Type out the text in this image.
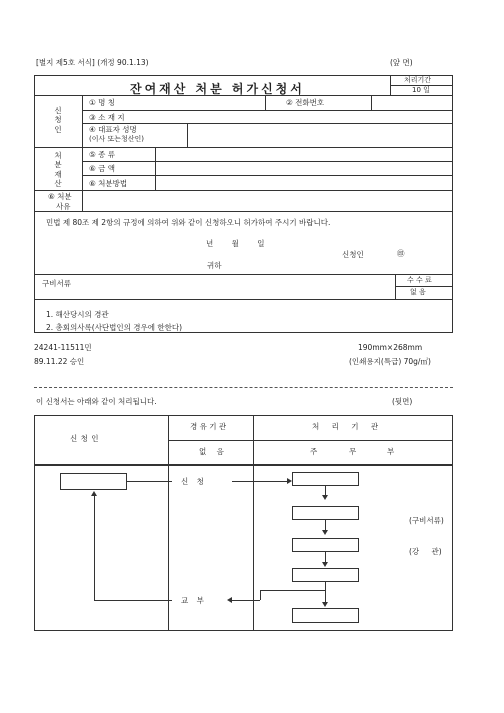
[별지 제5호 서식] (개정 90.1.13)	(앞 면)
잔여재산 처분 허가신청서
처리기간
10 일
신
청
인
① 명 칭	② 전화번호
③ 소 재 지
④ 대표자 성명
(이사 또는청산인)
처
분
재
산
⑤ 종 류
⑥ 금 액
⑥ 처분방법
⑥ 처분
사유
민법 제 80조 제 2항의 규정에 의하여 위와 같이 신청하오니 허가하여 주시기 바랍니다.
년 월 일
신청인	㊞
귀하
구비서류	수 수 료
없 음
1. 해산당시의 경관
2. 총회의사록(사단법인의 경우에 한한다)
24241-11511민	190mm×268mm
89.11.22 승인	(인쇄용지(특급) 70g/㎡)
이 신청서는 아래와 같이 처리됩니다.	(뒷면)
신 청 인
경 유 기 관	처 리 기 관
없 음	주	무	부
신 청
교 부
(구비서류)
(강 관)
